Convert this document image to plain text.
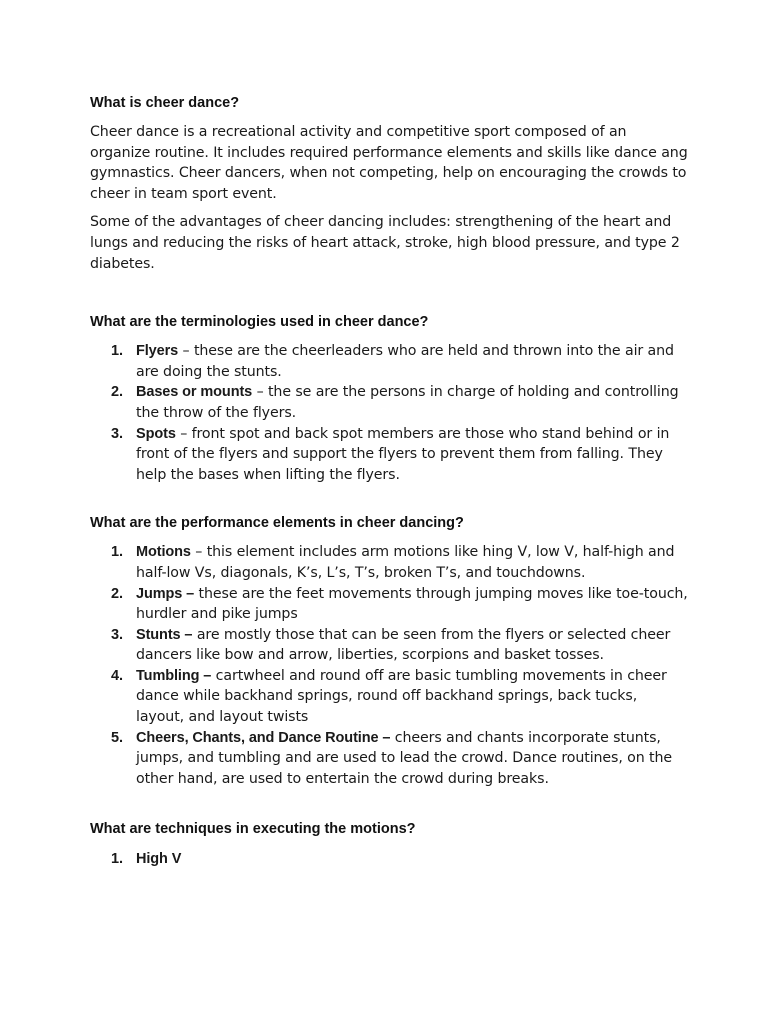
What is cheer dance?

Cheer dance is a recreational activity and competitive sport composed of an organize routine. It includes required performance elements and skills like dance ang gymnastics. Cheer dancers, when not competing, help on encouraging the crowds to cheer in team sport event.

Some of the advantages of cheer dancing includes: strengthening of the heart and lungs and reducing the risks of heart attack, stroke, high blood pressure, and type 2 diabetes.

What are the terminologies used in cheer dance?
1. Flyers – these are the cheerleaders who are held and thrown into the air and are doing the stunts.
2. Bases or mounts – the se are the persons in charge of holding and controlling the throw of the flyers.
3. Spots – front spot and back spot members are those who stand behind or in front of the flyers and support the flyers to prevent them from falling. They help the bases when lifting the flyers.
What are the performance elements in cheer dancing?
1. Motions – this element includes arm motions like hing V, low V, half-high and half-low Vs, diagonals, K’s, L’s, T’s, broken T’s, and touchdowns.
2. Jumps – these are the feet movements through jumping moves like toe-touch, hurdler and pike jumps
3. Stunts – are mostly those that can be seen from the flyers or selected cheer dancers like bow and arrow, liberties, scorpions and basket tosses.
4. Tumbling – cartwheel and round off are basic tumbling movements in cheer dance while backhand springs, round off backhand springs, back tucks, layout, and layout twists
5. Cheers, Chants, and Dance Routine – cheers and chants incorporate stunts, jumps, and tumbling and are used to lead the crowd. Dance routines, on the other hand, are used to entertain the crowd during breaks.
What are techniques in executing the motions?
1. High V
